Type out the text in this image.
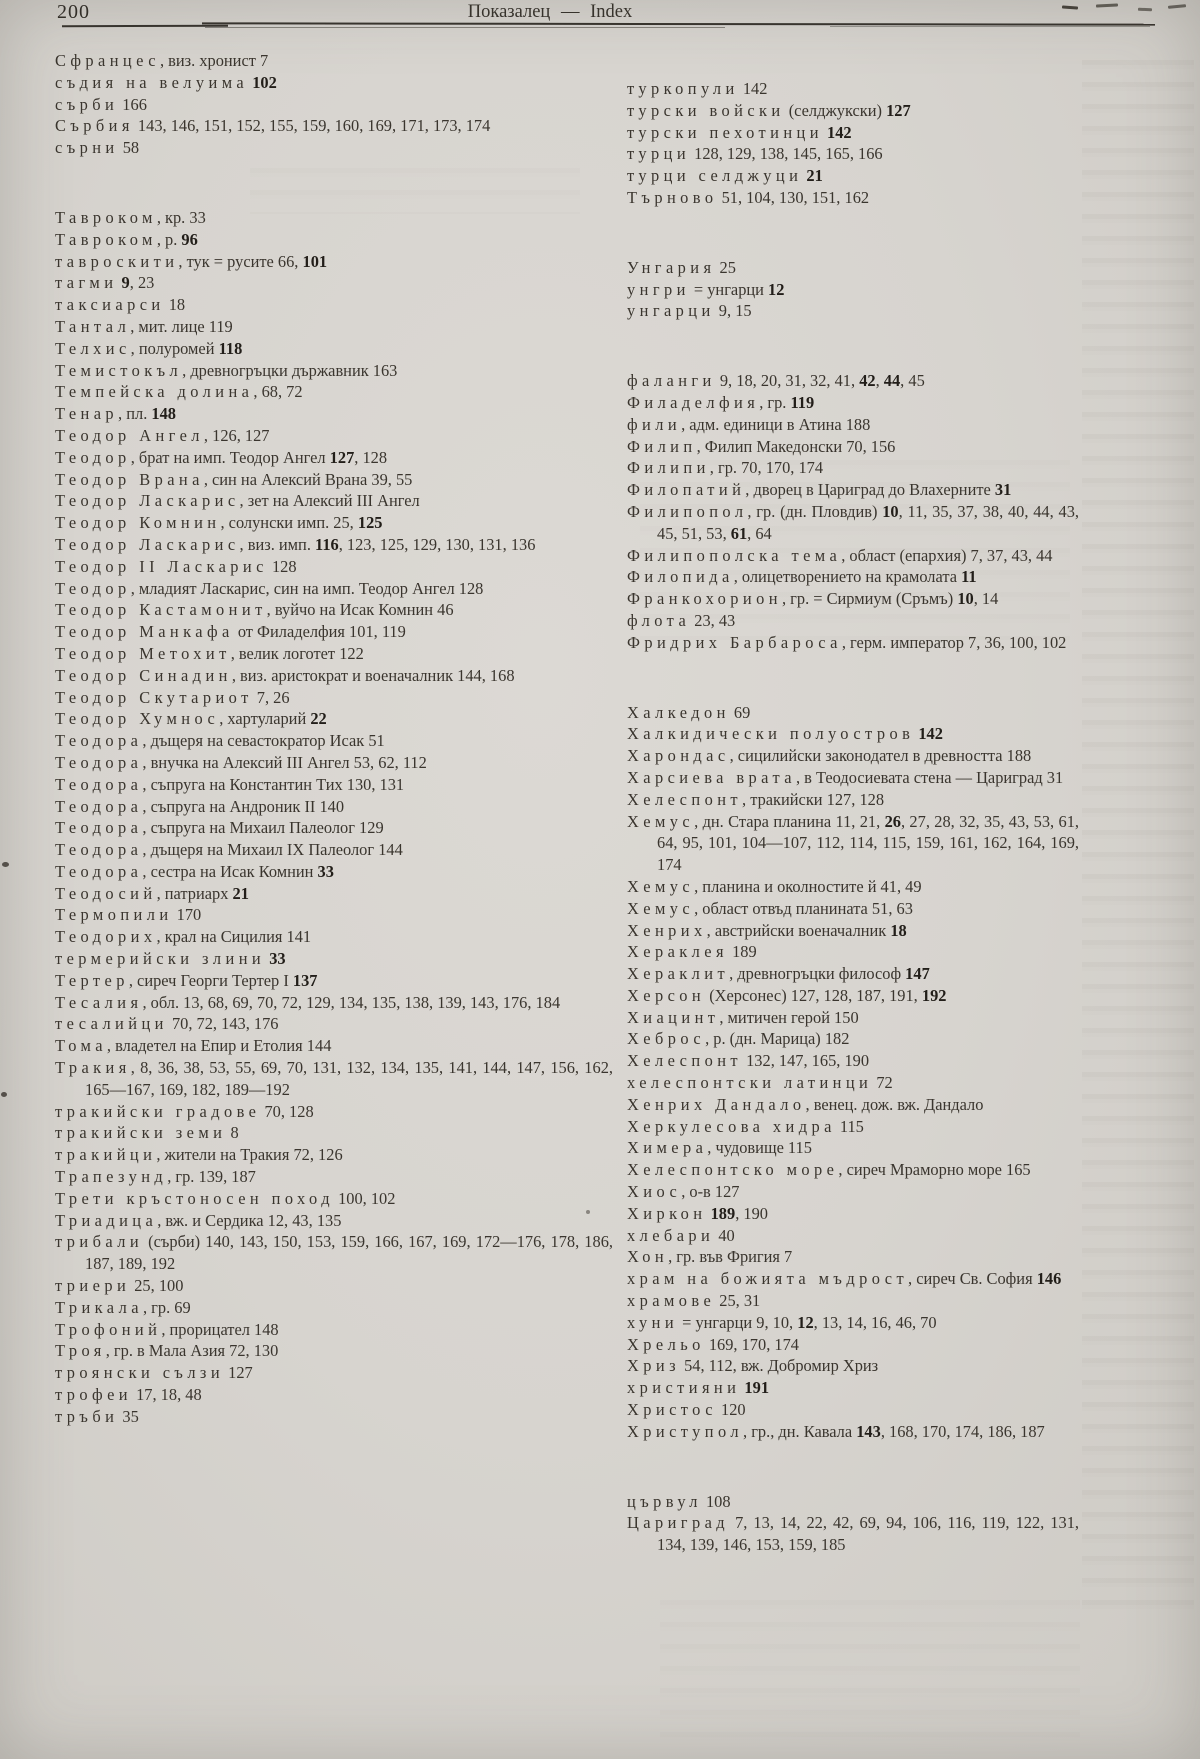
200	Показалец — Index
Сфранцес, виз. хронист 7
съдия на велуима 102
сърби 166
Сърбия 143, 146, 151, 152, 155, 159, 160, 169, 171, 173, 174
сърни 58
Тавроком, кр. 33
Тавроком, р. 96
тавроскити, тук = русите 66, 101
тагми 9, 23
таксиарси 18
Тантал, мит. лице 119
Телхис, полуромей 118
Темистокъл, древногръцки държавник 163
Темпейска долина, 68, 72
Тенар, пл. 148
Теодор Ангел, 126, 127
Теодор, брат на имп. Теодор Ангел 127, 128
Теодор Врана, син на Алексий Врана 39, 55
Теодор Ласкарис, зет на Алексий III Ангел
Теодор Комнин, солунски имп. 25, 125
Теодор Ласкарис, виз. имп. 116, 123, 125, 129, 130, 131, 136
Теодор II Ласкарис 128
Теодор, младият Ласкарис, син на имп. Теодор Ангел 128
Теодор Кастамонит, вуйчо на Исак Комнин 46
Теодор Манкафа от Филаделфия 101, 119
Теодор Метохит, велик логотет 122
Теодор Синадин, виз. аристократ и военачалник 144, 168
Теодор Скутариот 7, 26
Теодор Хумнос, хартуларий 22
Теодора, дъщеря на севастократор Исак 51
Теодора, внучка на Алексий III Ангел 53, 62, 112
Теодора, съпруга на Константин Тих 130, 131
Теодора, съпруга на Андроник II 140
Теодора, съпруга на Михаил Палеолог 129
Теодора, дъщеря на Михаил IX Палеолог 144
Теодора, сестра на Исак Комнин 33
Теодосий, патриарх 21
Термопили 170
Теодорих, крал на Сицилия 141
термерийски злини 33
Тертер, сиреч Георги Тертер I 137
Тесалия, обл. 13, 68, 69, 70, 72, 129, 134, 135, 138, 139, 143, 176, 184
тесалийци 70, 72, 143, 176
Тома, владетел на Епир и Етолия 144
Тракия, 8, 36, 38, 53, 55, 69, 70, 131, 132, 134, 135, 141, 144, 147, 156, 162, 165—167, 169, 182, 189—192
тракийски градове 70, 128
тракийски земи 8
тракийци, жители на Тракия 72, 126
Трапезунд, гр. 139, 187
Трети кръстоносен поход 100, 102
Триадица, вж. и Сердика 12, 43, 135
трибали (сърби) 140, 143, 150, 153, 159, 166, 167, 169, 172—176, 178, 186, 187, 189, 192
триери 25, 100
Трикала, гр. 69
Трофоний, прорицател 148
Троя, гр. в Мала Азия 72, 130
троянски сълзи 127
трофеи 17, 18, 48
тръби 35
туркопули 142
турски войски (селджукски) 127
турски пехотинци 142
турци 128, 129, 138, 145, 165, 166
турци селджуци 21
Търново 51, 104, 130, 151, 162
Унгария 25
унгри = унгарци 12
унгарци 9, 15
фаланги 9, 18, 20, 31, 32, 41, 42, 44, 45
Филаделфия, гр. 119
фили, адм. единици в Атина 188
Филип, Филип Македонски 70, 156
Филипи, гр. 70, 170, 174
Филопатий, дворец в Цариград до Влахерните 31
Филипопол, гр. (дн. Пловдив) 10, 11, 35, 37, 38, 40, 44, 43, 45, 51, 53, 61, 64
Филипополска тема, област (епархия) 7, 37, 43, 44
Филопида, олицетворението на крамолата 11
Франкохорион, гр. = Сирмиум (Сръмъ) 10, 14
флота 23, 43
Фридрих Барбароса, герм. император 7, 36, 100, 102
Халкедон 69
Халкидически полуостров 142
Харондас, сицилийски законодател в древността 188
Харсиева врата, в Теодосиевата стена — Цариград 31
Хелеспонт, тракийски 127, 128
Хемус, дн. Стара планина 11, 21, 26, 27, 28, 32, 35, 43, 53, 61, 64, 95, 101, 104—107, 112, 114, 115, 159, 161, 162, 164, 169, 174
Хемус, планина и околностите й 41, 49
Хемус, област отвъд планината 51, 63
Хенрих, австрийски военачалник 18
Хераклея 189
Хераклит, древногръцки философ 147
Херсон (Херсонес) 127, 128, 187, 191, 192
Хиацинт, митичен герой 150
Хеброс, р. (дн. Марица) 182
Хелеспонт 132, 147, 165, 190
хелеспонтски латинци 72
Хенрих Дандало, венец. дож. вж. Дандало
Херкулесова хидра 115
Химера, чудовище 115
Хелеспонтско море, сиреч Мраморно море 165
Хиос, о-в 127
Хиркон 189, 190
хлебари 40
Хон, гр. във Фригия 7
храм на божията мъдрост, сиреч Св. София 146
храмове 25, 31
хуни = унгарци 9, 10, 12, 13, 14, 16, 46, 70
Хрельо 169, 170, 174
Хриз 54, 112, вж. Добромир Хриз
християни 191
Христос 120
Христупол, гр., дн. Кавала 143, 168, 170, 174, 186, 187
цървул 108
Цариград 7, 13, 14, 22, 42, 69, 94, 106, 116, 119, 122, 131, 134, 139, 146, 153, 159, 185
